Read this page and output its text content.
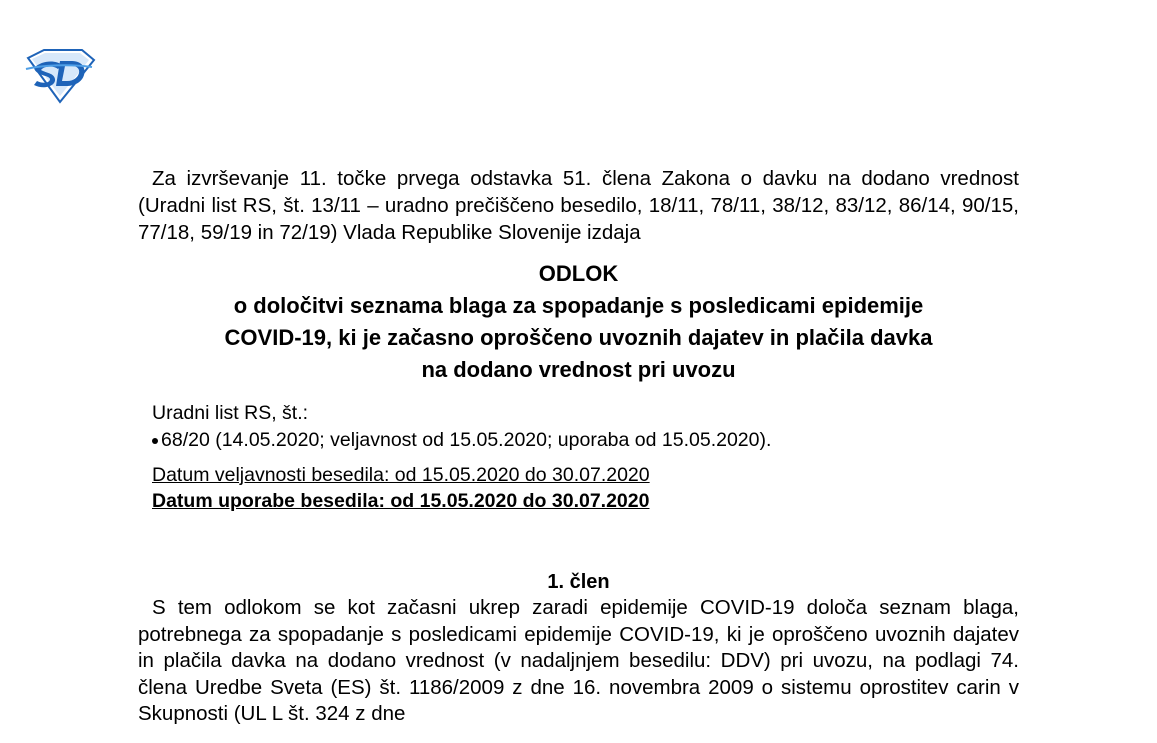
Za izvrševanje 11. točke prvega odstavka 51. člena Zakona o davku na dodano vrednost (Uradni list RS, št. 13/11 – uradno prečiščeno besedilo, 18/11, 78/11, 38/12, 83/12, 86/14, 90/15, 77/18, 59/19 in 72/19) Vlada Republike Slovenije izdaja

ODLOK

o določitvi seznama blaga za spopadanje s posledicami epidemije

COVID-19, ki je začasno oproščeno uvoznih dajatev in plačila davka

na dodano vrednost pri uvozu

Uradni list RS, št.:

68/20 (14.05.2020; veljavnost od 15.05.2020; uporaba od 15.05.2020).

Datum veljavnosti besedila: od 15.05.2020 do 30.07.2020

Datum uporabe besedila: od 15.05.2020 do 30.07.2020

1. člen

S tem odlokom se kot začasni ukrep zaradi epidemije COVID-19 določa seznam blaga, potrebnega za spopadanje s posledicami epidemije COVID-19, ki je oproščeno uvoznih dajatev in plačila davka na dodano vrednost (v nadaljnjem besedilu: DDV) pri uvozu, na podlagi 74. člena Uredbe Sveta (ES) št. 1186/2009 z dne 16. novembra 2009 o sistemu oprostitev carin v Skupnosti (UL L št. 324 z dne
